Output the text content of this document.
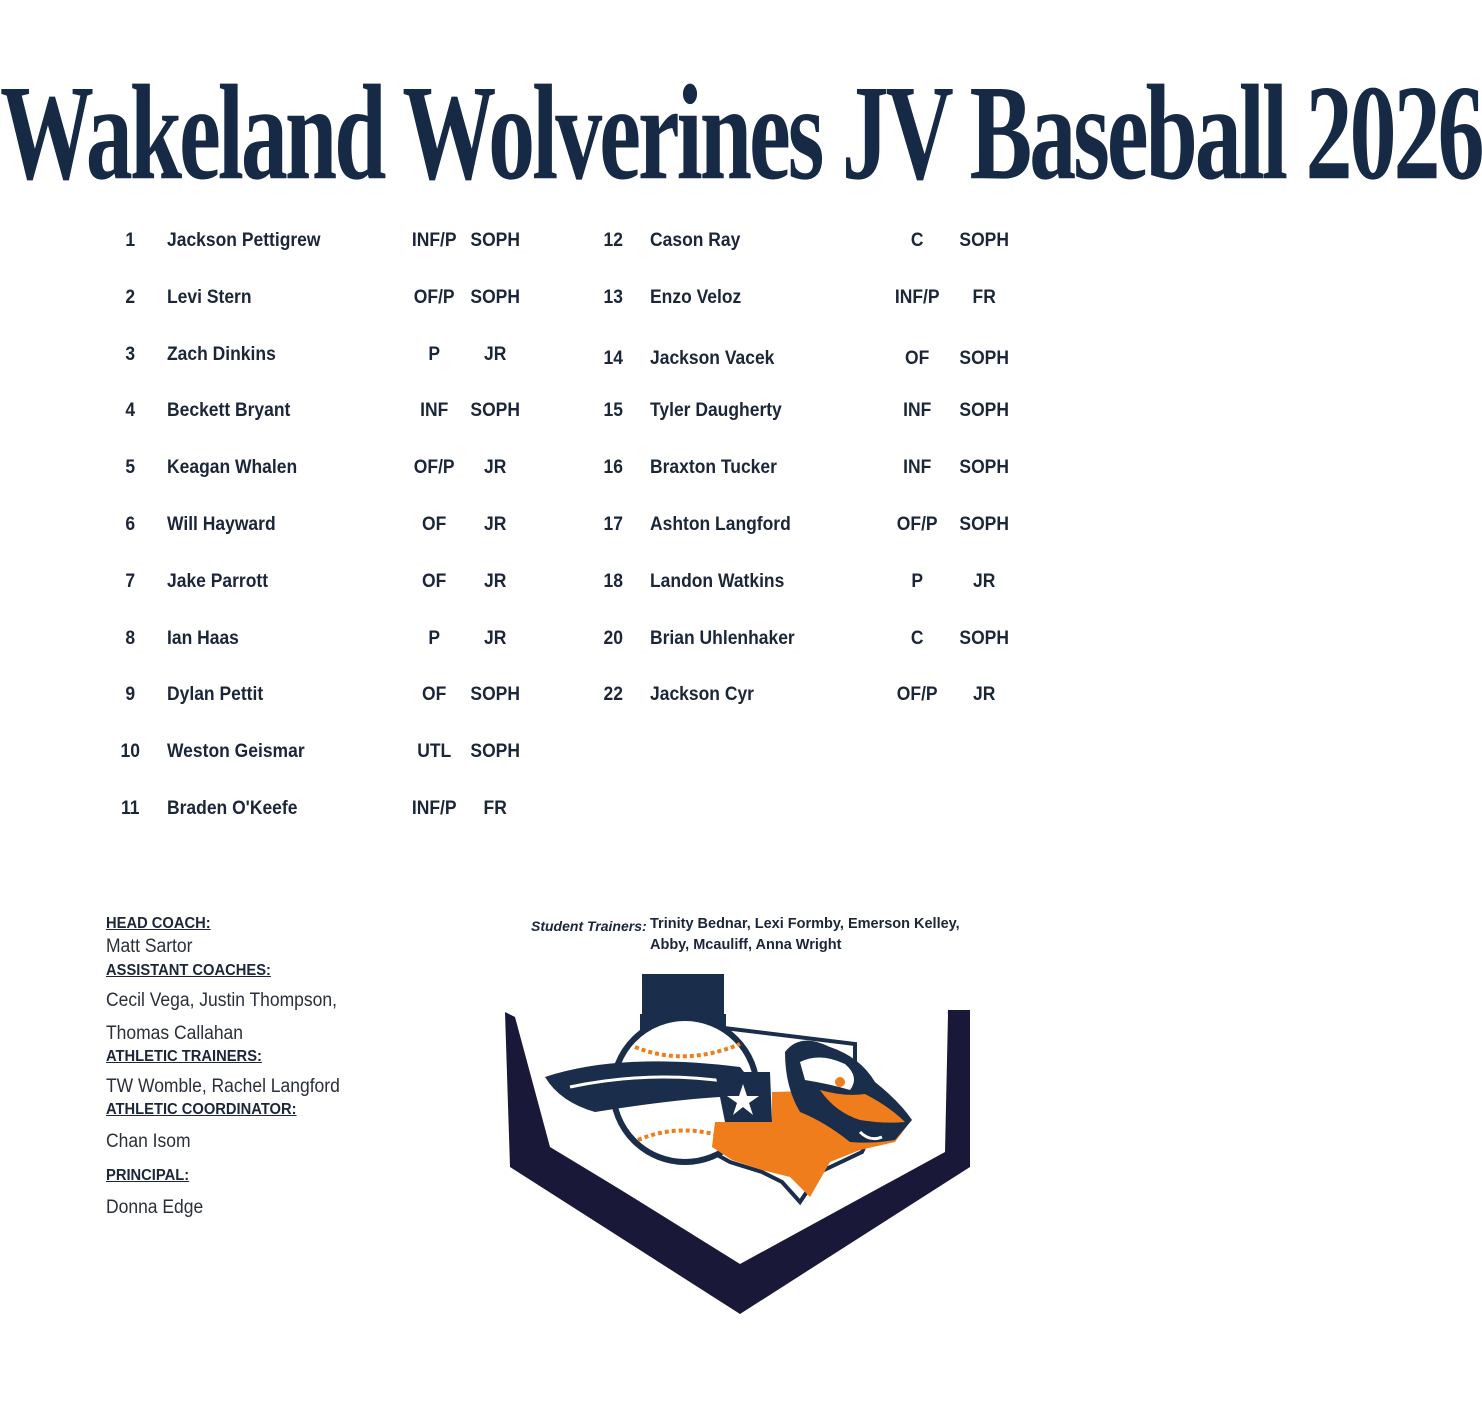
Wakeland Wolverines JV Baseball 2026
1	Jackson Pettigrew	INF/P SOPH
2	Levi Stern	OF/P SOPH
3	Zach Dinkins	P	JR
4	Beckett Bryant	INF	SOPH
5	Keagan Whalen	OF/P	JR
6	Will Hayward	OF	JR
7	Jake Parrott	OF	JR
8	Ian Haas	P	JR
9	Dylan Pettit	OF	SOPH
10	Weston Geismar	UTL	SOPH
11	Braden O'Keefe	INF/P	FR
12	Cason Ray	C	SOPH
13	Enzo Veloz	INF/P	FR
14	Jackson Vacek	OF	SOPH
15	Tyler Daugherty	INF	SOPH
16	Braxton Tucker	INF	SOPH
17	Ashton Langford	OF/P	SOPH
18	Landon Watkins	P	JR
20	Brian Uhlenhaker	C	SOPH
22	Jackson Cyr	OF/P	JR
HEAD COACH:
Matt Sartor
ASSISTANT COACHES:
Cecil Vega, Justin Thompson,
Thomas Callahan
ATHLETIC TRAINERS:
TW Womble, Rachel Langford
ATHLETIC COORDINATOR:
Chan Isom
PRINCIPAL:
Donna Edge
Student Trainers: Trinity Bednar, Lexi Formby, Emerson Kelley,
Abby, Mcauliff, Anna Wright
